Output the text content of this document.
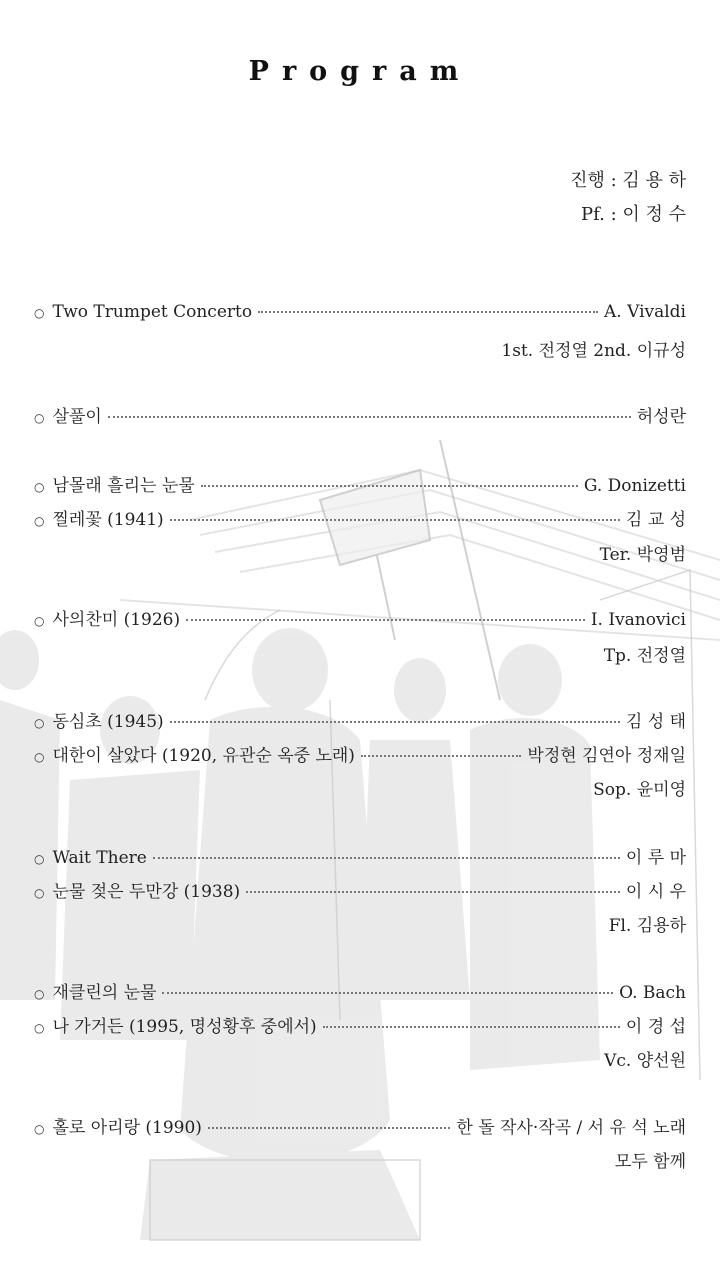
Program
진행 : 김 용 하
Pf. : 이 정 수
○ Two Trumpet Concerto	A. Vivaldi
1st. 전정열 2nd. 이규성
○ 살풀이	허성란
○ 남몰래 흘리는 눈물	G. Donizetti
○ 찔레꽃 (1941)	김 교 성
Ter. 박영범
○ 사의찬미 (1926)	I. Ivanovici
Tp. 전정열
○ 동심초 (1945)	김 성 태
○ 대한이 살았다 (1920, 유관순 옥중 노래)	박정현 김연아 정재일
Sop. 윤미영
○ Wait There	이 루 마
○ 눈물 젖은 두만강 (1938)	이 시 우
Fl. 김용하
○ 재클린의 눈물	O. Bach
○ 나 가거든 (1995, 명성황후 중에서)	이 경 섭
Vc. 양선원
○ 홀로 아리랑 (1990)	한 돌 작사·작곡 / 서 유 석 노래
모두 함께
